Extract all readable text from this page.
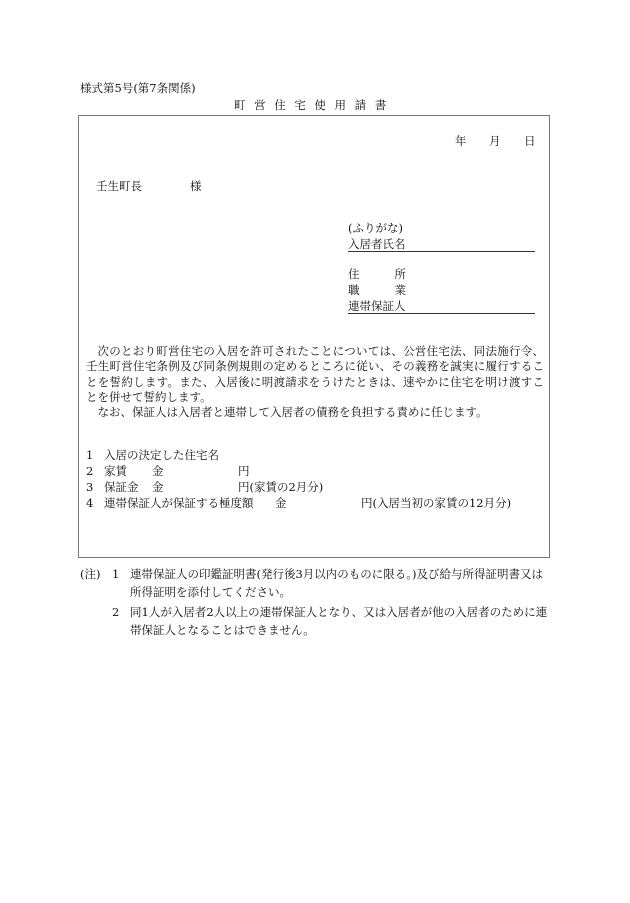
様式第5号(第7条関係)
町営住宅使用請書
年 月 日
壬生町長	様
(ふりがな)
入居者氏名
住	所
職	業
連帯保証人

次のとおり町営住宅の入居を許可されたことについては、公営住宅法、同法施行令、壬生町営住宅条例及び同条例規則の定めるところに従い、その義務を誠実に履行することを誓約します。また、入居後に明渡請求をうけたときは、速やかに住宅を明け渡すことを併せて誓約します。

なお、保証人は入居者と連帯して入居者の債務を負担する責めに任じます。

1 入居の決定した住宅名
2 家賃	金	円
3 保証金	金	円(家賃の2月分)
4 連帯保証人が保証する極度額	金	円(入居当初の家賃の12月分)
(注)	1 連帯保証人の印鑑証明書(発行後3月以内のものに限る。)及び給与所得証明書又は所得証明を添付してください。
2 同1人が入居者2人以上の連帯保証人となり、又は入居者が他の入居者のために連帯保証人となることはできません。
